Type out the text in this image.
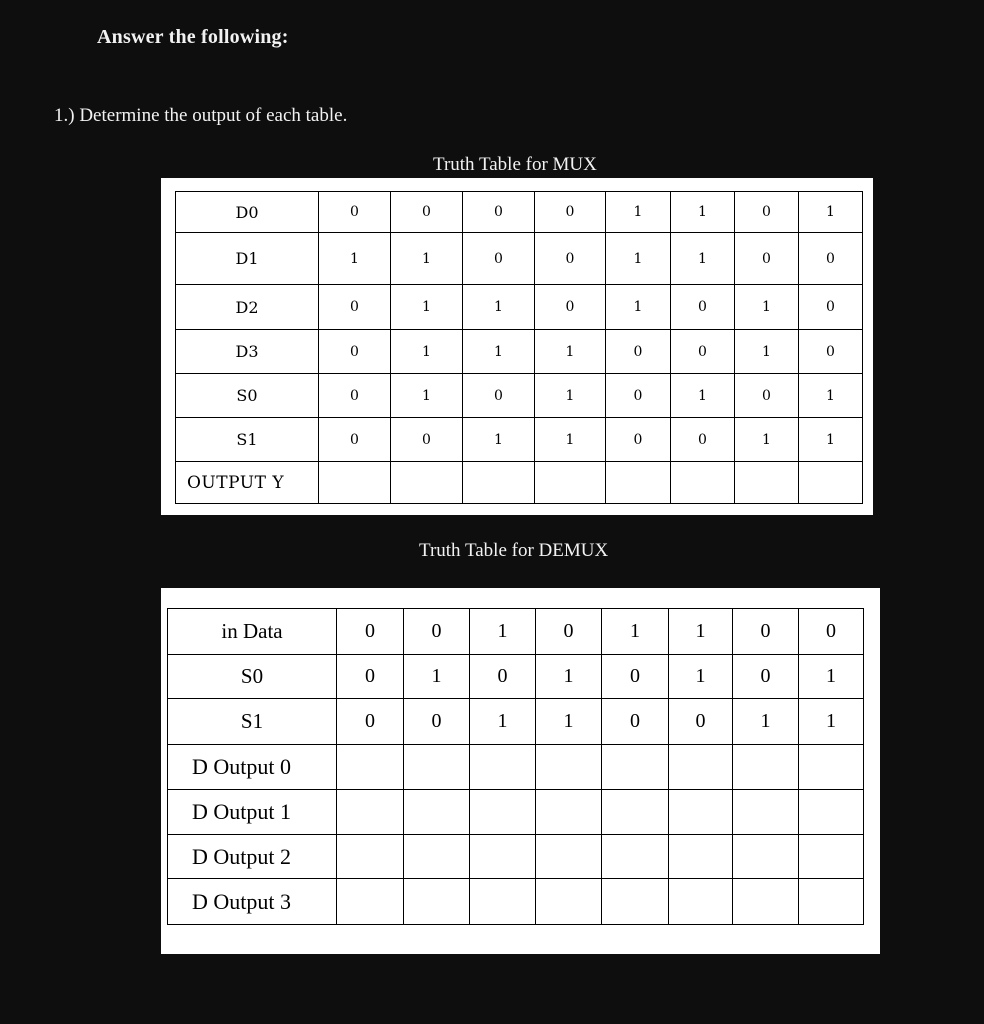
Answer the following:
1.) Determine the output of each table.
Truth Table for MUX
D0	0	0	0	0	1	1	0	1
D1	1	1	0	0	1	1	0	0
D2	0	1	1	0	1	0	1	0
D3	0	1	1	1	0	0	1	0
S0	0	1	0	1	0	1	0	1
S1	0	0	1	1	0	0	1	1
OUTPUT Y								
Truth Table for DEMUX
in Data	0	0	1	0	1	1	0	0
S0	0	1	0	1	0	1	0	1
S1	0	0	1	1	0	0	1	1
D Output 0								
D Output 1								
D Output 2								
D Output 3								
